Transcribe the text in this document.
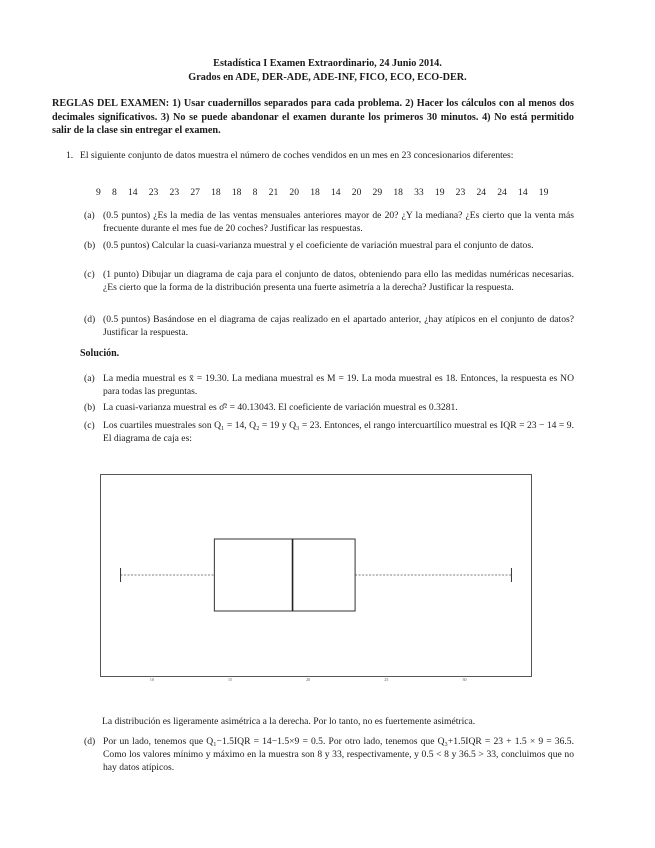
Estadística I Examen Extraordinario, 24 Junio 2014.
Grados en ADE, DER-ADE, ADE-INF, FICO, ECO, ECO-DER.
REGLAS DEL EXAMEN: 1) Usar cuadernillos separados para cada problema. 2) Hacer los cálculos con al menos dos decimales significativos. 3) No se puede abandonar el examen durante los primeros 30 minutos. 4) No está permitido salir de la clase sin entregar el examen.
1. El siguiente conjunto de datos muestra el número de coches vendidos en un mes en 23 concesionarios diferentes:
9 8 14 23 23 27 18 18 8 21 20 18 14 20 29 18 33 19 23 24 24 14 19
(a) (0.5 puntos) ¿Es la media de las ventas mensuales anteriores mayor de 20? ¿Y la mediana? ¿Es cierto que la venta más frecuente durante el mes fue de 20 coches? Justificar las respuestas.
(b) (0.5 puntos) Calcular la cuasi-varianza muestral y el coeficiente de variación muestral para el conjunto de datos.
(c) (1 punto) Dibujar un diagrama de caja para el conjunto de datos, obteniendo para ello las medidas numéricas necesarias. ¿Es cierto que la forma de la distribución presenta una fuerte asimetría a la derecha? Justificar la respuesta.
(d) (0.5 puntos) Basándose en el diagrama de cajas realizado en el apartado anterior, ¿hay atípicos en el conjunto de datos? Justificar la respuesta.
Solución.
(a) La media muestral es x̄ = 19.30. La mediana muestral es M = 19. La moda muestral es 18. Entonces, la respuesta es NO para todas las preguntas.
(b) La cuasi-varianza muestral es σ̂² = 40.13043. El coeficiente de variación muestral es 0.3281.
(c) Los cuartiles muestrales son Q₁ = 14, Q₂ = 19 y Q₃ = 23. Entonces, el rango intercuartílico muestral es IQR = 23 − 14 = 9. El diagrama de caja es:
10	15	20	25	30
La distribución es ligeramente asimétrica a la derecha. Por lo tanto, no es fuertemente asimétrica.
(d) Por un lado, tenemos que Q₁−1.5IQR = 14−1.5×9 = 0.5. Por otro lado, tenemos que Q₃+1.5IQR = 23 + 1.5 × 9 = 36.5. Como los valores mínimo y máximo en la muestra son 8 y 33, respectivamente, y 0.5 < 8 y 36.5 > 33, concluimos que no hay datos atípicos.
